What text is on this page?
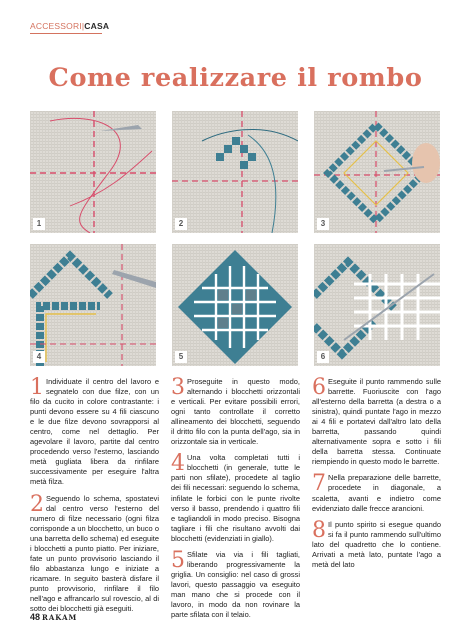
ACCESSORI|CASA
Come realizzare il rombo
1	2	3
4	5	6

1 Individuate il centro del lavoro e segnatelo con due filze, con un filo da cucito in colore contrastante: i punti devono essere su 4 fili ciascuno e le due filze devono sovrapporsi al centro, come nel dettaglio. Per agevolare il lavoro, partite dal centro procedendo verso l'esterno, lasciando metà gugliata libera da rinfilare successivamente per eseguire l'altra metà filza.

2 Seguendo lo schema, spostatevi dal centro verso l'esterno del numero di filze necessario (ogni filza corrisponde a un blocchetto, un buco o una barretta dello schema) ed eseguite i blocchetti a punto piatto. Per iniziare, fate un punto provvisorio lasciando il filo abbastanza lungo e iniziate a ricamare. In seguito basterà disfare il punto provvisorio, rinfilare il filo nell'ago e affrancarlo sul rovescio, al di sotto dei blocchetti già eseguiti.

3 Proseguite in questo modo, alternando i blocchetti orizzontali e verticali. Per evitare possibili errori, ogni tanto controllate il corretto allineamento dei blocchetti, seguendo il dritto filo con la punta dell'ago, sia in orizzontale sia in verticale.

4 Una volta completati tutti i blocchetti (in generale, tutte le parti non sfilate), procedete al taglio dei fili necessari: seguendo lo schema, infilate le forbici con le punte rivolte verso il basso, prendendo i quattro fili e tagliandoli in modo preciso. Bisogna tagliare i fili che risultano avvolti dai blocchetti (evidenziati in giallo).

5 Sfilate via via i fili tagliati, liberando progressivamente la griglia. Un consiglio: nel caso di grossi lavori, questo passaggio va eseguito man mano che si procede con il lavoro, in modo da non rovinare la parte sfilata con il telaio.

6 Eseguite il punto rammendo sulle barrette. Fuoriuscite con l'ago all'esterno della barretta (a destra o a sinistra), quindi puntate l'ago in mezzo ai 4 fili e portatevi dall'altro lato della barretta, passando quindi alternativamente sopra e sotto i fili della barretta stessa. Continuate riempiendo in questo modo le barrette.

7 Nella preparazione delle barrette, procedete in diagonale, a scaletta, avanti e indietro come evidenziato dalle frecce arancioni.

8 Il punto spirito si esegue quando si fa il punto rammendo sull'ultimo lato del quadretto che lo contiene. Arrivati a metà lato, puntate l'ago a metà del lato

48 RAKAM
